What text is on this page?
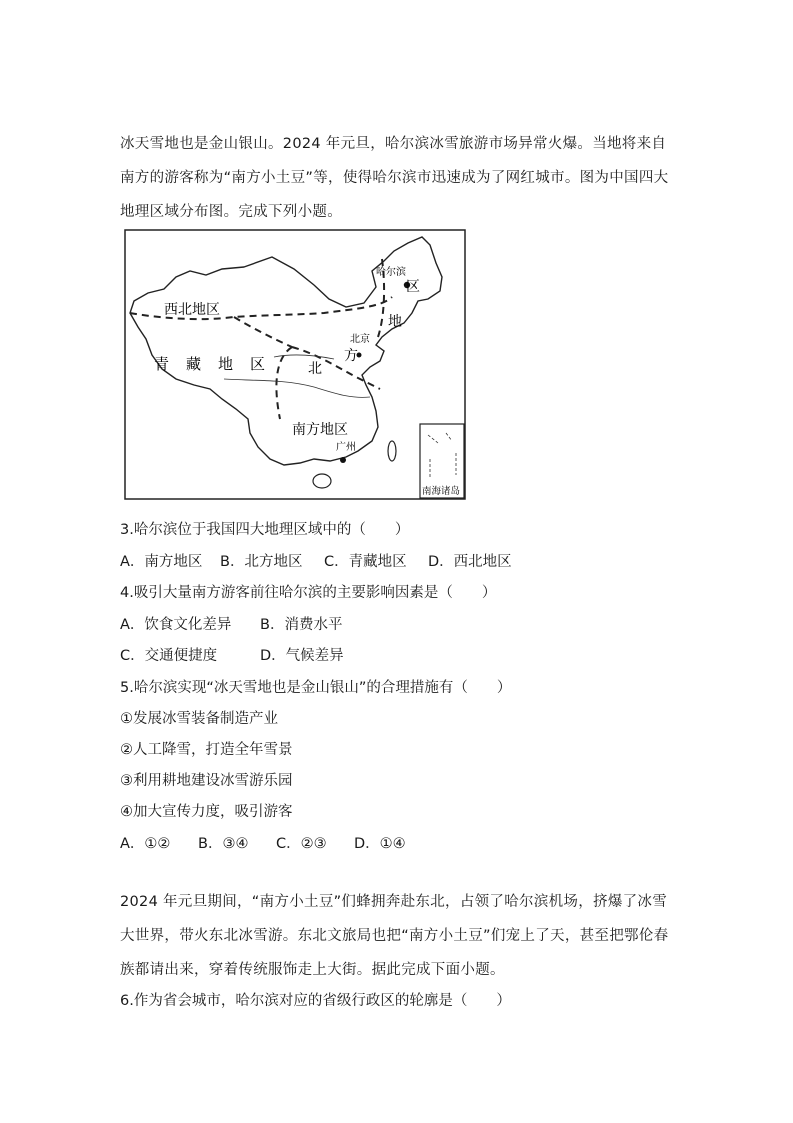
冰天雪地也是金山银山。2024 年元旦，哈尔滨冰雪旅游市场异常火爆。当地将来自南方的游客称为“南方小土豆”等，使得哈尔滨市迅速成为了网红城市。图为中国四大地理区域分布图。完成下列小题。

西北地区
青 藏 地 区
南方地区
北
方
地
区
哈尔滨
北京
广州
南海诸岛

3.哈尔滨位于我国四大地理区域中的（　　）

A．南方地区 B．北方地区 C．青藏地区 D．西北地区

4.吸引大量南方游客前往哈尔滨的主要影响因素是（　　）

A．饮食文化差异 B．消费水平

C．交通便捷度	D．气候差异

5.哈尔滨实现“冰天雪地也是金山银山”的合理措施有（　　）

①发展冰雪装备制造产业

②人工降雪，打造全年雪景

③利用耕地建设冰雪游乐园

④加大宣传力度，吸引游客

A．①② B．③④ C．②③ D．①④

2024 年元旦期间，“南方小土豆”们蜂拥奔赴东北，占领了哈尔滨机场，挤爆了冰雪大世界，带火东北冰雪游。东北文旅局也把“南方小土豆”们宠上了天，甚至把鄂伦春族都请出来，穿着传统服饰走上大街。据此完成下面小题。

6.作为省会城市，哈尔滨对应的省级行政区的轮廓是（　　）
